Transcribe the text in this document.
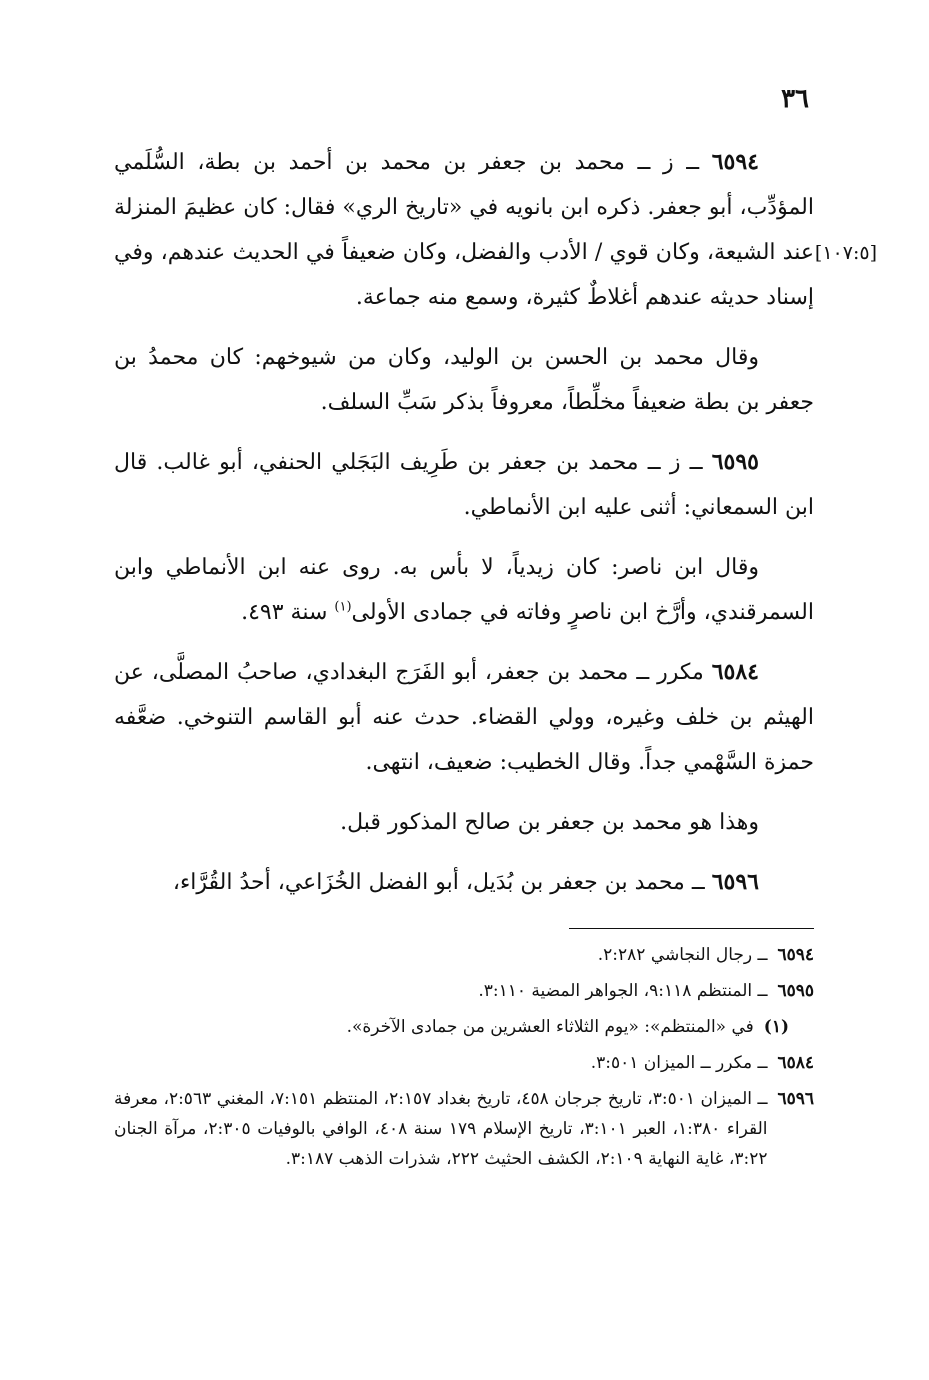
٣٦
[١٠٧:٥]

٦٥٩٤ ــ ز ــ محمد بن جعفر بن محمد بن أحمد بن بطة، السُّلَمي المؤدِّب، أبو جعفر. ذكره ابن بانويه في «تاريخ الري» فقال: كان عظيمَ المنزلة عند الشيعة، وكان قوي / الأدب والفضل، وكان ضعيفاً في الحديث عندهم، وفي إسناد حديثه عندهم أغلاطٌ كثيرة، وسمع منه جماعة.

وقال محمد بن الحسن بن الوليد، وكان من شيوخهم: كان محمدُ بن جعفر بن بطة ضعيفاً مخلِّطاً، معروفاً بذكر سَبِّ السلف.

٦٥٩٥ ــ ز ــ محمد بن جعفر بن طَرِيف البَجَلي الحنفي، أبو غالب. قال ابن السمعاني: أثنى عليه ابن الأنماطي.

وقال ابن ناصر: كان زيدياً، لا بأس به. روى عنه ابن الأنماطي وابن السمرقندي، وأرَّخ ابن ناصرٍ وفاته في جمادى الأولى$^{(١)}$ سنة ٤٩٣.

٦٥٨٤ مكرر ــ محمد بن جعفر، أبو الفَرَج البغدادي، صاحبُ المصلَّى، عن الهيثم بن خلف وغيره، وولي القضاء. حدث عنه أبو القاسم التنوخي. ضعَّفه حمزة السَّهْمي جداً. وقال الخطيب: ضعيف، انتهى.

وهذا هو محمد بن جعفر بن صالح المذكور قبل.

٦٥٩٦ ــ محمد بن جعفر بن بُدَيل، أبو الفضل الخُزَاعي، أحدُ القُرَّاء،

٦٥٩٤
ــ رجال النجاشي ٢:٢٨٢.
٦٥٩٥
ــ المنتظم ٩:١١٨، الجواهر المضية ٣:١١٠.
(١)
في «المنتظم»: «يوم الثلاثاء العشرين من جمادى الآخرة».
٦٥٨٤
ــ مكرر ــ الميزان ٣:٥٠١.
٦٥٩٦
ــ الميزان ٣:٥٠١، تاريخ جرجان ٤٥٨، تاريخ بغداد ٢:١٥٧، المنتظم ٧:١٥١، المغني ٢:٥٦٣، معرفة القراء ١:٣٨٠، العبر ٣:١٠١، تاريخ الإسلام ١٧٩ سنة ٤٠٨، الوافي بالوفيات ٢:٣٠٥، مرآة الجنان ٣:٢٢، غاية النهاية ٢:١٠٩، الكشف الحثيث ٢٢٢، شذرات الذهب ٣:١٨٧.
